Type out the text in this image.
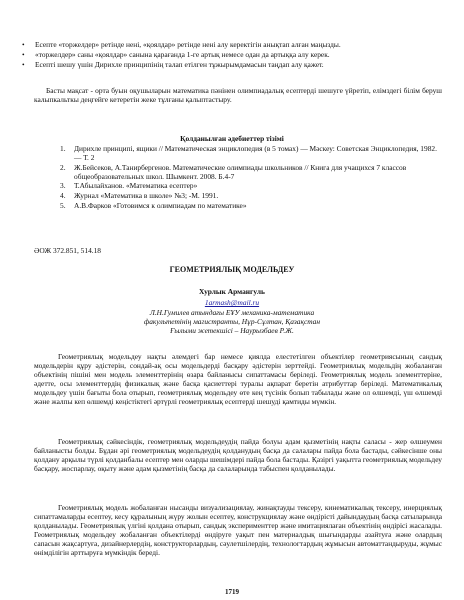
• Есепте «торжелдер» ретінде нені, «қоялдар» ретінде нені алу керектігін анықтап алған маңызды.
• «торжелдер» саны «қоялдар» санына қарағанда 1-ге артық немесе одан да артыққа алу керек.
• Есепті шешу үшін Дирихле принципінің талап етілген тұжырымдамасын таңдап алу қажет.

Басты мақсат - орта буын оқушыларын математика пәнінен олимпиадалық есептерді шешуге үйретіп, елімздегі білім беруш калыпкальткы деңгейге кетеретін жеке тұлғаны қалыптастыру.

Қолданылған әдебиеттер тізімі
1. Дирихле принципі, ящики // Математическая энциклопедия (в 5 томах) — Мәскеу: Советская Энциклопедия, 1982. — Т. 2
2. Ж.Бейсеков, А.Танирбергенов. Математические олимпиады школьников // Книга для учащихся 7 классов общеобразовательных школ. Шымкент. 2008. Б.4-7
3. Т.Абылайханов. «Математика есептер»
4. Журнал «Математика в школе» №3; -М. 1991.
5. А.В.Фарков «Готовимся к олимпиадам по математике»
ӘОЖ 372.851, 514.18
ГЕОМЕТРИЯЛЫҚ МОДЕЛЬДЕУ
Хурлык Армангуль
1armash@mail.ru
Л.Н.Гумилев атындағы ЕҰУ механика-математика
факультетінің магистранты, Нұр-Сұлтан, Қазақстан
Ғылыми жетекшісі – Наурызбаев Р.Ж.

Геометриялық модельдеу нақты әлемдегі бар немесе қиялда елестетілген объектілер геометриясының сандық модельдерін құру әдістерін, сондай-ақ осы модельдерді басқару әдістерін зерттейді. Геометриялық модельдің жобаланған объектінің пішіні мен модель элементтерінің өзара байланысы сипаттамасы беріледі. Геометриялық модель элементтеріне, әдетте, осы элементтердің физикалық және басқа қасиеттері туралы ақпарат беретін атрибуттар беріледі. Математикалық модельдеу үшін бағыты бола отырып, геометриялық модельдеу өте кең түсінік болып табылады және ол өлшемді, үш өлшемді және жалпы кеп өлшемді кеңістіктегі әртүрлі геометриялық есептерді шешуді қамтиды мүмкін.

Геометриялық сәйкесіндік, геометриялық модельдеудің пайда болуы адам қызметінің нақты саласы - жер өлшеумен байланысты болды. Бұдан әрі геометриялық модельдеудің қолданудың басқа да салалары пайда бола бастады, сәйкесінше оны қолдану арқылы түрлі қолданбалы есептер мен оларды шешімдері пайда бола бастады. Қазіргі уақытта геометриялық модельдеу басқару, жоспарлау, оқыту және адам қызметінің басқа да салаларында табыспен қолданылады.

Геометриялық модель жобаланған нысанды визуализациялау, жинақтауды тексеру, кинематикалық тексеру, инерциялық сипаттамаларды есептеу, кесу құралының жүру жолын есептеу, конструкциялау және өндірісті дайындаудың басқа сатыларында қолданылады. Геометриялық үлгіні қолдана отырып, сандық эксперименттер және имитациялаған объектінің өндірісі жасалады. Геометриялық модельдеу жобаланған объектілерді өндіруге уақыт пен материалдық шығындарды азайтуға және олардың сапасын жақсартуға, дизайнерлердің, конструкторлардың, сәулетшілердің, технологтардың жұмысын автоматтандыруды, жұмыс өнімділігін арттыруға мүмкіндік береді.

1719
